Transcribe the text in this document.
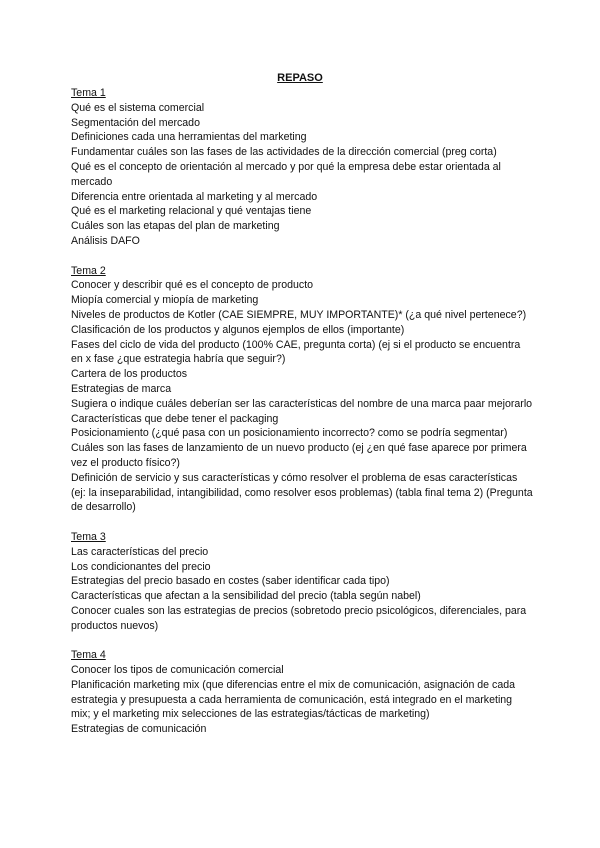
REPASO
Tema 1
Qué es el sistema comercial
Segmentación del mercado
Definiciones cada una herramientas del marketing
Fundamentar cuáles son las fases de las actividades de la dirección comercial (preg corta)
Qué es el concepto de orientación al mercado y por qué la empresa debe estar orientada al mercado
Diferencia entre orientada al marketing y al mercado
Qué es el marketing relacional y qué ventajas tiene
Cuáles son las etapas del plan de marketing
Análisis DAFO
Tema 2
Conocer y describir qué es el concepto de producto
Miopía comercial y miopía de marketing
Niveles de productos de Kotler (CAE SIEMPRE, MUY IMPORTANTE)* (¿a qué nivel pertenece?)
Clasificación de los productos y algunos ejemplos de ellos (importante)
Fases del ciclo de vida del producto (100% CAE, pregunta corta) (ej si el producto se encuentra en x fase ¿que estrategia habría que seguir?)
Cartera de los productos
Estrategias de marca
Sugiera o indique cuáles deberían ser las características del nombre de una marca paar mejorarlo
Características que debe tener el packaging
Posicionamiento (¿qué pasa con un posicionamiento incorrecto? como se podría segmentar)
Cuáles son las fases de lanzamiento de un nuevo producto (ej ¿en qué fase aparece por primera vez el producto físico?)
Definición de servicio y sus características y cómo resolver el problema de esas características (ej: la inseparabilidad, intangibilidad, como resolver esos problemas) (tabla final tema 2) (Pregunta de desarrollo)
Tema 3
Las características del precio
Los condicionantes del precio
Estrategias del precio basado en costes (saber identificar cada tipo)
Características que afectan a la sensibilidad del precio (tabla según nabel)
Conocer cuales son las estrategias de precios (sobretodo precio psicológicos, diferenciales, para productos nuevos)
Tema 4
Conocer los tipos de comunicación comercial
Planificación marketing mix (que diferencias entre el mix de comunicación, asignación de cada estrategia y presupuesta a cada herramienta de comunicación, está integrado en el marketing mix; y el marketing mix selecciones de las estrategias/tácticas de marketing)
Estrategias de comunicación
